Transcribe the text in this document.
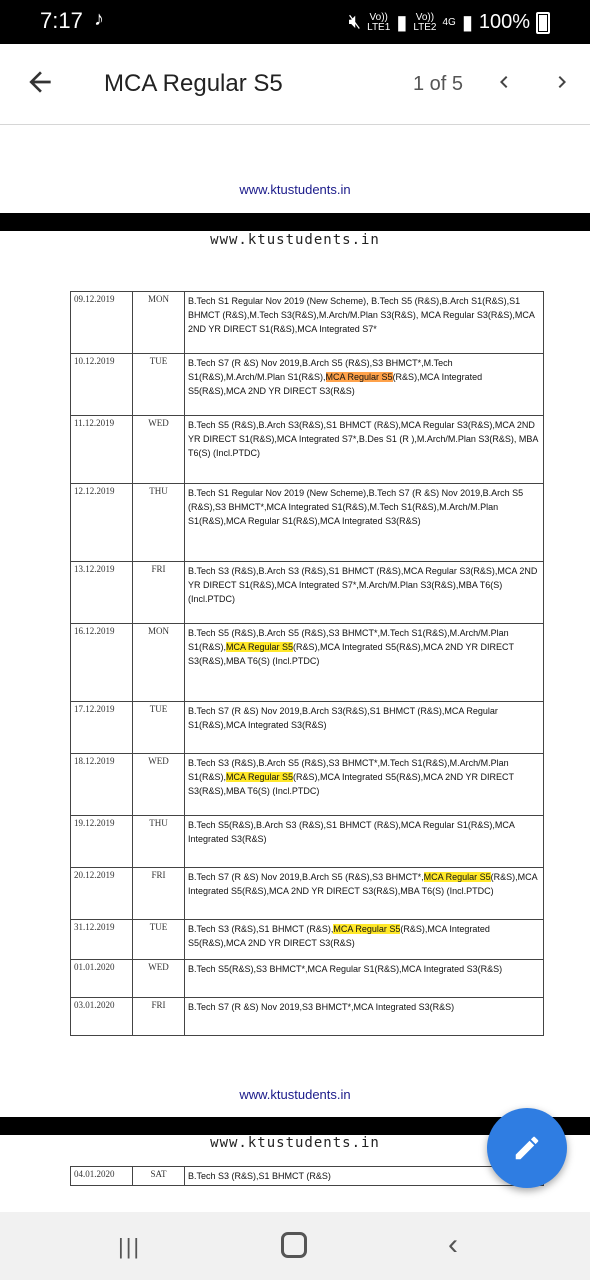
7:17 ♪	🔇︎ Vo))
LTE1 ▮ Vo))
LTE2 4G ▮ 100%
MCA Regular S5	1 of 5
www.ktustudents.in
www.ktustudents.in
09.12.2019	MON	B.Tech S1 Regular Nov 2019 (New Scheme), B.Tech S5 (R&S),B.Arch S1(R&S),S1 BHMCT (R&S),M.Tech S3(R&S),M.Arch/M.Plan S3(R&S), MCA Regular S3(R&S),MCA 2ND YR DIRECT S1(R&S),MCA Integrated S7*
10.12.2019	TUE	B.Tech S7 (R &S) Nov 2019,B.Arch S5 (R&S),S3 BHMCT*,M.Tech S1(R&S),M.Arch/M.Plan S1(R&S),MCA Regular S5(R&S),MCA Integrated S5(R&S),MCA 2ND YR DIRECT S3(R&S)
11.12.2019	WED	B.Tech S5 (R&S),B.Arch S3(R&S),S1 BHMCT (R&S),MCA Regular S3(R&S),MCA 2ND YR DIRECT S1(R&S),MCA Integrated S7*,B.Des S1 (R ),M.Arch/M.Plan S3(R&S), MBA T6(S) (Incl.PTDC)
12.12.2019	THU	B.Tech S1 Regular Nov 2019 (New Scheme),B.Tech S7 (R &S) Nov 2019,B.Arch S5 (R&S),S3 BHMCT*,MCA Integrated S1(R&S),M.Tech S1(R&S),M.Arch/M.Plan S1(R&S),MCA Regular S1(R&S),MCA Integrated S3(R&S)
13.12.2019	FRI	B.Tech S3 (R&S),B.Arch S3 (R&S),S1 BHMCT (R&S),MCA Regular S3(R&S),MCA 2ND YR DIRECT S1(R&S),MCA Integrated S7*,M.Arch/M.Plan S3(R&S),MBA T6(S) (Incl.PTDC)
16.12.2019	MON	B.Tech S5 (R&S),B.Arch S5 (R&S),S3 BHMCT*,M.Tech S1(R&S),M.Arch/M.Plan S1(R&S),MCA Regular S5(R&S),MCA Integrated S5(R&S),MCA 2ND YR DIRECT S3(R&S),MBA T6(S) (Incl.PTDC)
17.12.2019	TUE	B.Tech S7 (R &S) Nov 2019,B.Arch S3(R&S),S1 BHMCT (R&S),MCA Regular S1(R&S),MCA Integrated S3(R&S)
18.12.2019	WED	B.Tech S3 (R&S),B.Arch S5 (R&S),S3 BHMCT*,M.Tech S1(R&S),M.Arch/M.Plan S1(R&S),MCA Regular S5(R&S),MCA Integrated S5(R&S),MCA 2ND YR DIRECT S3(R&S),MBA T6(S) (Incl.PTDC)
19.12.2019	THU	B.Tech S5(R&S),B.Arch S3 (R&S),S1 BHMCT (R&S),MCA Regular S1(R&S),MCA Integrated S3(R&S)
20.12.2019	FRI	B.Tech S7 (R &S) Nov 2019,B.Arch S5 (R&S),S3 BHMCT*,MCA Regular S5(R&S),MCA Integrated S5(R&S),MCA 2ND YR DIRECT S3(R&S),MBA T6(S) (Incl.PTDC)
31.12.2019	TUE	B.Tech S3 (R&S),S1 BHMCT (R&S),MCA Regular S5(R&S),MCA Integrated S5(R&S),MCA 2ND YR DIRECT S3(R&S)
01.01.2020	WED	B.Tech S5(R&S),S3 BHMCT*,MCA Regular S1(R&S),MCA Integrated S3(R&S)
03.01.2020	FRI	B.Tech S7 (R &S) Nov 2019,S3 BHMCT*,MCA Integrated S3(R&S)
www.ktustudents.in
www.ktustudents.in
04.01.2020	SAT	B.Tech S3 (R&S),S1 BHMCT (R&S)
|||	‹
